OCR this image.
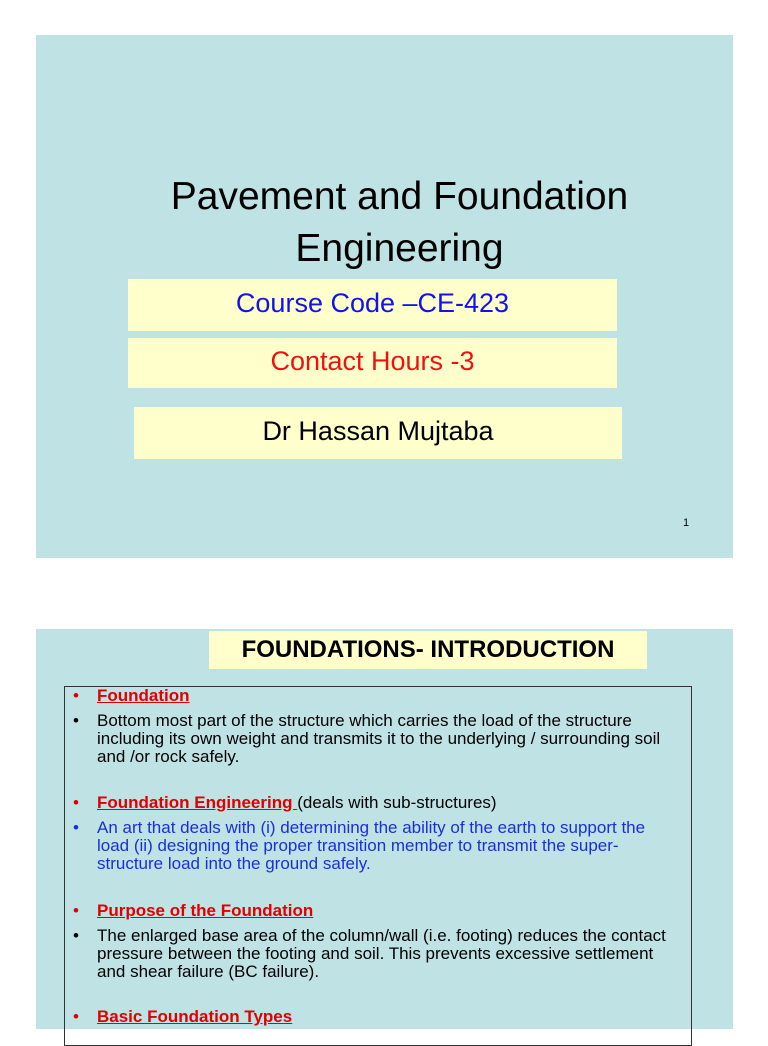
Pavement and Foundation
Engineering
Course Code –CE-423
Contact Hours -3
Dr Hassan Mujtaba
1
FOUNDATIONS- INTRODUCTION
• Foundation
• Bottom most part of the structure which carries the load of the structure including its own weight and transmits it to the underlying / surrounding soil and /or rock safely.
• Foundation Engineering (deals with sub-structures)
• An art that deals with (i) determining the ability of the earth to support the load (ii) designing the proper transition member to transmit the super-structure load into the ground safely.
• Purpose of the Foundation
• The enlarged base area of the column/wall (i.e. footing) reduces the contact pressure between the footing and soil. This prevents excessive settlement and shear failure (BC failure).
• Basic Foundation Types
